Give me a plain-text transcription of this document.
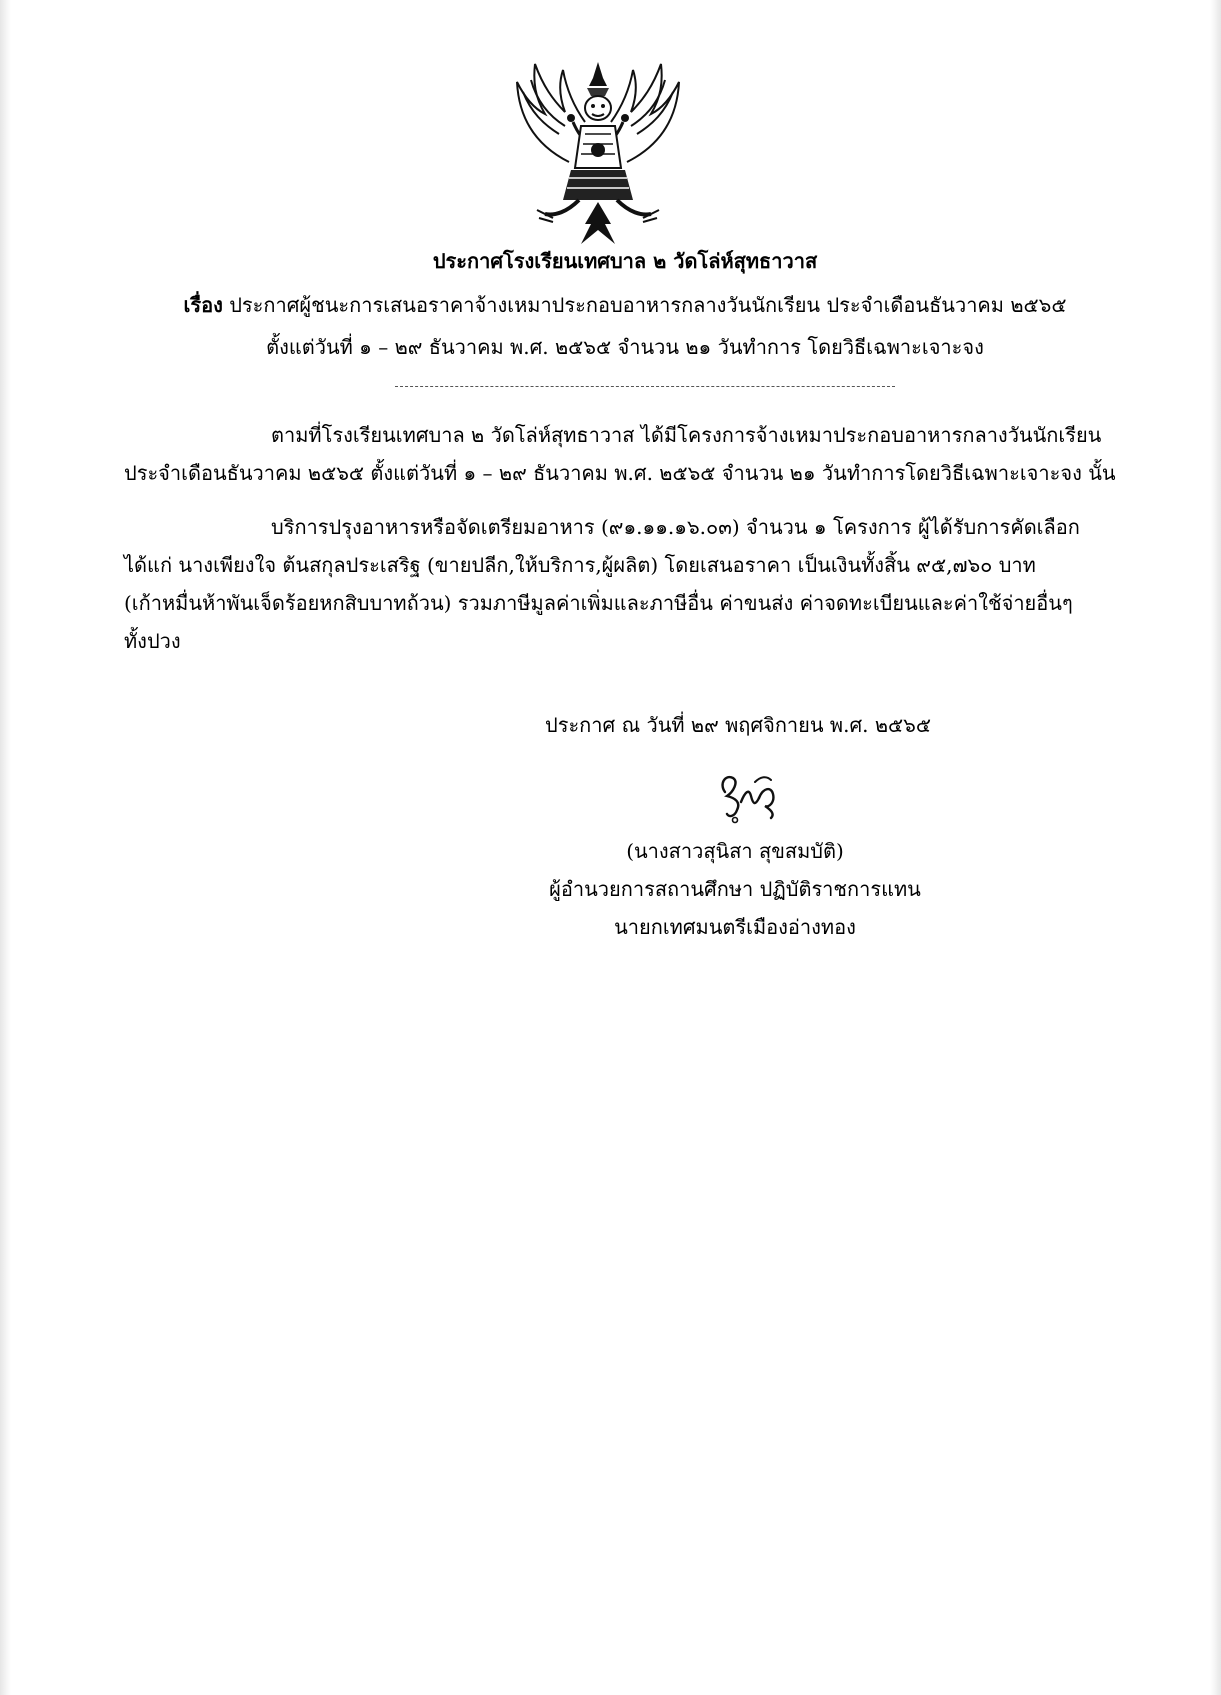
ประกาศโรงเรียนเทศบาล ๒ วัดโล่ห์สุทธาวาส
เรื่อง ประกาศผู้ชนะการเสนอราคาจ้างเหมาประกอบอาหารกลางวันนักเรียน ประจำเดือนธันวาคม ๒๕๖๕
ตั้งแต่วันที่ ๑ – ๒๙ ธันวาคม พ.ศ. ๒๕๖๕ จำนวน ๒๑ วันทำการ โดยวิธีเฉพาะเจาะจง
ตามที่โรงเรียนเทศบาล ๒ วัดโล่ห์สุทธาวาส ได้มีโครงการจ้างเหมาประกอบอาหารกลางวันนักเรียน
ประจำเดือนธันวาคม ๒๕๖๕ ตั้งแต่วันที่ ๑ – ๒๙ ธันวาคม พ.ศ. ๒๕๖๕ จำนวน ๒๑ วันทำการโดยวิธีเฉพาะเจาะจง นั้น
บริการปรุงอาหารหรือจัดเตรียมอาหาร (๙๑.๑๑.๑๖.๐๓) จำนวน ๑ โครงการ ผู้ได้รับการคัดเลือก
ได้แก่ นางเพียงใจ ต้นสกุลประเสริฐ (ขายปลีก,ให้บริการ,ผู้ผลิต) โดยเสนอราคา เป็นเงินทั้งสิ้น ๙๕,๗๖๐ บาท
(เก้าหมื่นห้าพันเจ็ดร้อยหกสิบบาทถ้วน) รวมภาษีมูลค่าเพิ่มและภาษีอื่น ค่าขนส่ง ค่าจดทะเบียนและค่าใช้จ่ายอื่นๆ
ทั้งปวง
ประกาศ ณ วันที่ ๒๙ พฤศจิกายน พ.ศ. ๒๕๖๕
(นางสาวสุนิสา สุขสมบัติ)
ผู้อำนวยการสถานศึกษา ปฏิบัติราชการแทน
นายกเทศมนตรีเมืองอ่างทอง
